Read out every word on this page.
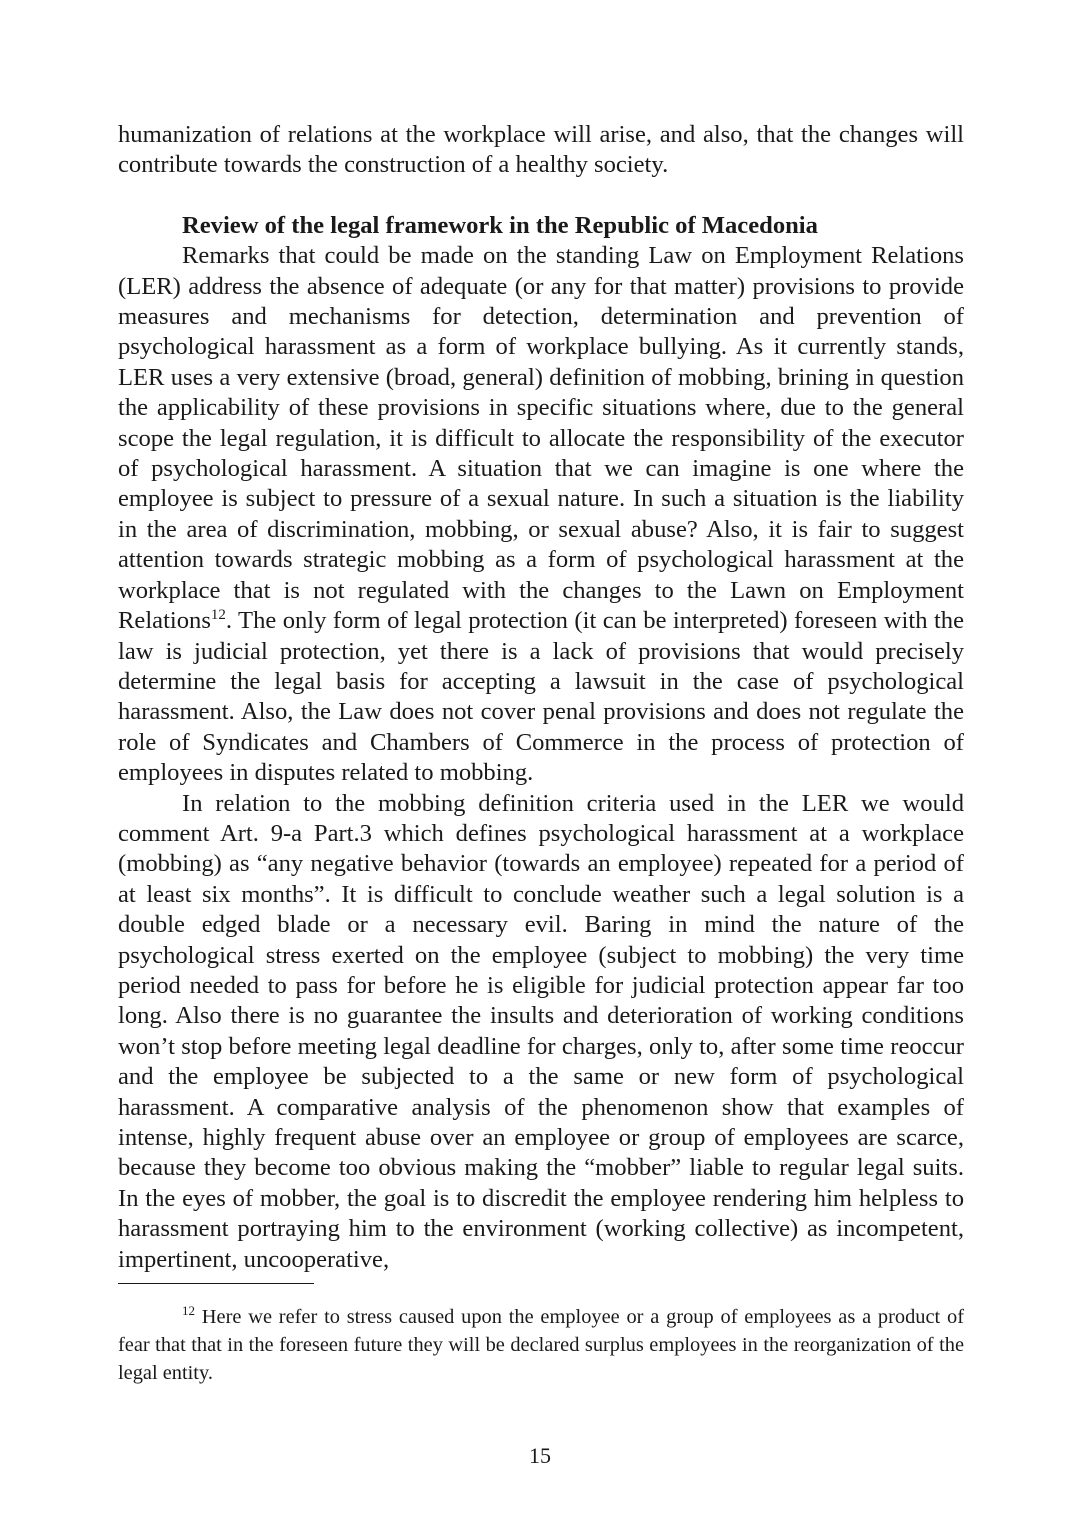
humanization of relations at the workplace will arise, and also, that the changes will contribute towards the construction of a healthy society.

Review of the legal framework in the Republic of Macedonia

Remarks that could be made on the standing Law on Employment Relations (LER) address the absence of adequate (or any for that matter) provisions to provide measures and mechanisms for detection, determination and prevention of psychological harassment as a form of workplace bullying. As it currently stands, LER uses a very extensive (broad, general) definition of mobbing, brining in question the applicability of these provisions in specific situations where, due to the general scope the legal regulation, it is difficult to allocate the responsibility of the executor of psychological harassment. A situation that we can imagine is one where the employee is subject to pressure of a sexual nature. In such a situation is the liability in the area of discrimination, mobbing, or sexual abuse? Also, it is fair to suggest attention towards strategic mobbing as a form of psychological harassment at the workplace that is not regulated with the changes to the Lawn on Employment Relations$^{12}$. The only form of legal protection (it can be interpreted) foreseen with the law is judicial protection, yet there is a lack of provisions that would precisely determine the legal basis for accepting a lawsuit in the case of psychological harassment. Also, the Law does not cover penal provisions and does not regulate the role of Syndicates and Chambers of Commerce in the process of protection of employees in disputes related to mobbing.

In relation to the mobbing definition criteria used in the LER we would comment Art. 9-a Part.3 which defines psychological harassment at a workplace (mobbing) as “any negative behavior (towards an employee) repeated for a period of at least six months”. It is difficult to conclude weather such a legal solution is a double edged blade or a necessary evil. Baring in mind the nature of the psychological stress exerted on the employee (subject to mobbing) the very time period needed to pass for before he is eligible for judicial protection appear far too long. Also there is no guarantee the insults and deterioration of working conditions won’t stop before meeting legal deadline for charges, only to, after some time reoccur and the employee be subjected to a the same or new form of psychological harassment. A comparative analysis of the phenomenon show that examples of intense, highly frequent abuse over an employee or group of employees are scarce, because they become too obvious making the “mobber” liable to regular legal suits. In the eyes of mobber, the goal is to discredit the employee rendering him helpless to harassment portraying him to the environment (working collective) as incompetent, impertinent, uncooperative,

$^{12}$ Here we refer to stress caused upon the employee or a group of employees as a product of fear that that in the foreseen future they will be declared surplus employees in the reorganization of the legal entity.

15
